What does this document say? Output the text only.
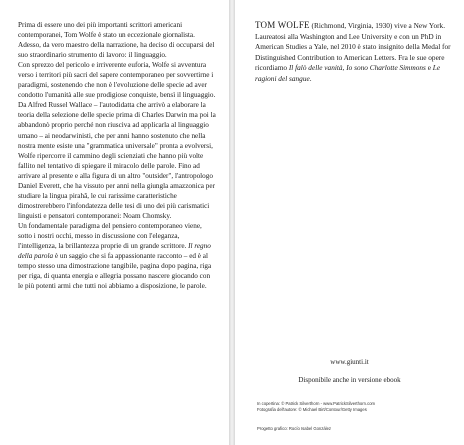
Prima di essere uno dei più importanti scrittori americani contemporanei, Tom Wolfe è stato un eccezionale giornalista. Adesso, da vero maestro della narrazione, ha deciso di occuparsi del suo straordinario strumento di lavoro: il linguaggio.

Con sprezzo del pericolo e irriverente euforia, Wolfe si avventura verso i territori più sacri del sapere contemporaneo per sovvertirne i paradigmi, sostenendo che non è l'evoluzione delle specie ad aver condotto l'umanità alle sue prodigiose conquiste, bensì il linguaggio.

Da Alfred Russel Wallace – l'autodidatta che arrivò a elaborare la teoria della selezione delle specie prima di Charles Darwin ma poi la abbandonò proprio perché non riusciva ad applicarla al linguaggio umano – ai neodarwinisti, che per anni hanno sostenuto che nella nostra mente esiste una "grammatica universale" pronta a evolversi, Wolfe ripercorre il cammino degli scienziati che hanno più volte fallito nel tentativo di spiegare il miracolo delle parole. Fino ad arrivare al presente e alla figura di un altro "outsider", l'antropologo Daniel Everett, che ha vissuto per anni nella giungla amazzonica per studiare la lingua pirahã, le cui rarissime caratteristiche dimostrerebbero l'infondatezza delle tesi di uno dei più carismatici linguisti e pensatori contemporanei: Noam Chomsky.

Un fondamentale paradigma del pensiero contemporaneo viene, sotto i nostri occhi, messo in discussione con l'eleganza, l'intelligenza, la brillantezza proprie di un grande scrittore. Il regno della parola è un saggio che si fa appassionante racconto – ed è al tempo stesso una dimostrazione tangibile, pagina dopo pagina, riga per riga, di quanta energia e allegria possano nascere giocando con le più potenti armi che tutti noi abbiamo a disposizione, le parole.

TOM WOLFE (Richmond, Virginia, 1930) vive a New York. Laureatosi alla Washington and Lee University e con un PhD in American Studies a Yale, nel 2010 è stato insignito della Medal for Distinguished Contribution to American Letters. Fra le sue opere ricordiamo Il falò delle vanità, Io sono Charlotte Simmons e Le ragioni del sangue.

www.giunti.it
Disponibile anche in versione ebook
In copertina: © Patrick Silverthorn - www.PatrickSilverthorn.com
Fotografia dell'autore: © Michael Birt/Contour/Getty Images
Progetto grafico: Rocío Isabel González
